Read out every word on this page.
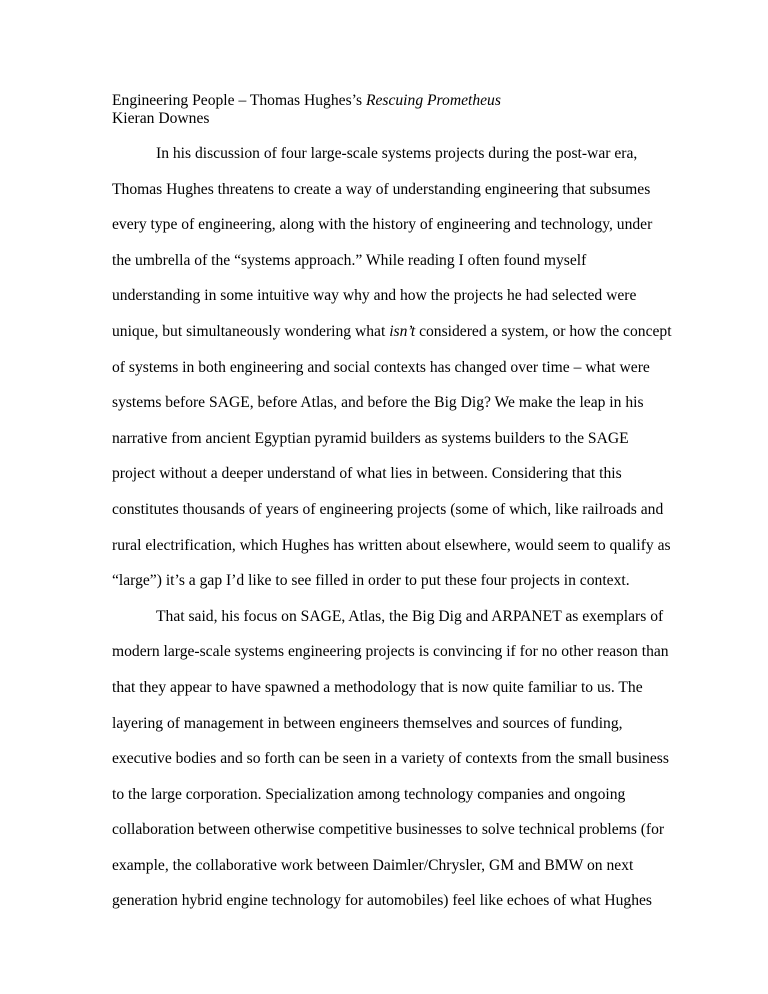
Engineering People – Thomas Hughes’s Rescuing Prometheus
Kieran Downes

In his discussion of four large-scale systems projects during the post-war era,
Thomas Hughes threatens to create a way of understanding engineering that subsumes
every type of engineering, along with the history of engineering and technology, under
the umbrella of the “systems approach.” While reading I often found myself
understanding in some intuitive way why and how the projects he had selected were
unique, but simultaneously wondering what isn’t considered a system, or how the concept
of systems in both engineering and social contexts has changed over time – what were
systems before SAGE, before Atlas, and before the Big Dig? We make the leap in his
narrative from ancient Egyptian pyramid builders as systems builders to the SAGE
project without a deeper understand of what lies in between. Considering that this
constitutes thousands of years of engineering projects (some of which, like railroads and
rural electrification, which Hughes has written about elsewhere, would seem to qualify as
“large”) it’s a gap I’d like to see filled in order to put these four projects in context.

That said, his focus on SAGE, Atlas, the Big Dig and ARPANET as exemplars of
modern large-scale systems engineering projects is convincing if for no other reason than
that they appear to have spawned a methodology that is now quite familiar to us. The
layering of management in between engineers themselves and sources of funding,
executive bodies and so forth can be seen in a variety of contexts from the small business
to the large corporation. Specialization among technology companies and ongoing
collaboration between otherwise competitive businesses to solve technical problems (for
example, the collaborative work between Daimler/Chrysler, GM and BMW on next
generation hybrid engine technology for automobiles) feel like echoes of what Hughes
